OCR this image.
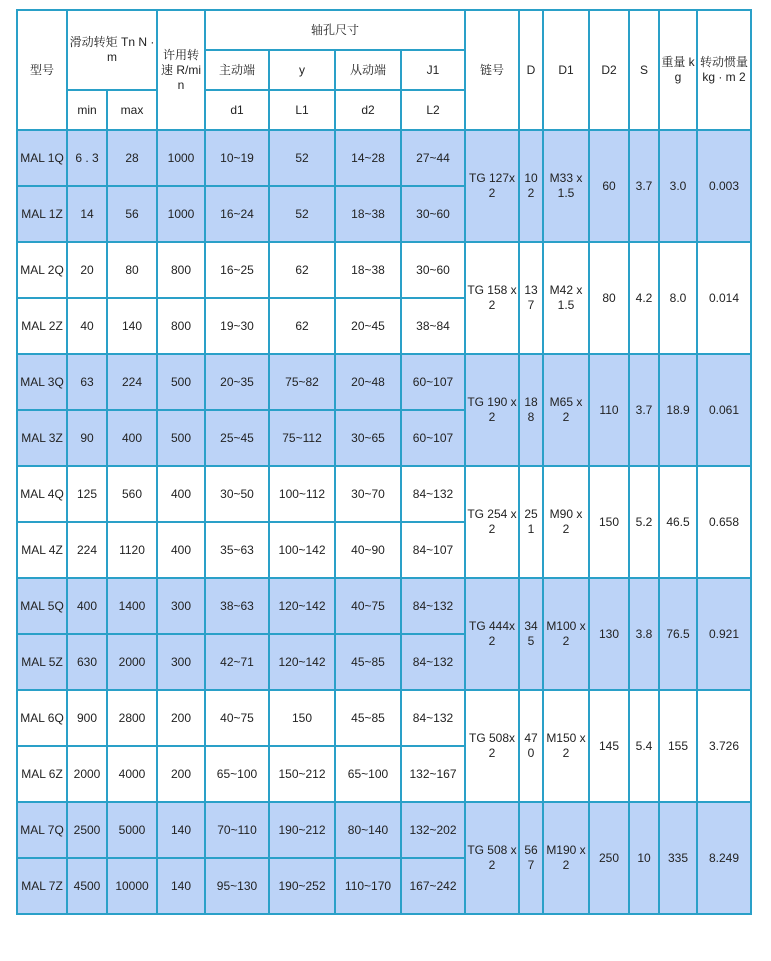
型号	滑动转矩 Tn N · m		许用转速 R/min	轴孔尺寸				链号	D	D1	D2	S	重量 kg	转动惯量 kg · m 2
				主动端	y	从动端	J1							
	min	max		d1	L1	d2	L2							
MAL 1Q	6 . 3	28	1000	10~19	52	14~28	27~44	TG 127x 2	102	M33 x 1.5	60	3.7	3.0	0.003
MAL 1Z	14	56	1000	16~24	52	18~38	30~60							
MAL 2Q	20	80	800	16~25	62	18~38	30~60	TG 158 x 2	137	M42 x 1.5	80	4.2	8.0	0.014
MAL 2Z	40	140	800	19~30	62	20~45	38~84							
MAL 3Q	63	224	500	20~35	75~82	20~48	60~107	TG 190 x 2	188	M65 x 2	110	3.7	18.9	0.061
MAL 3Z	90	400	500	25~45	75~112	30~65	60~107							
MAL 4Q	125	560	400	30~50	100~112	30~70	84~132	TG 254 x 2	251	M90 x 2	150	5.2	46.5	0.658
MAL 4Z	224	1120	400	35~63	100~142	40~90	84~107							
MAL 5Q	400	1400	300	38~63	120~142	40~75	84~132	TG 444x 2	345	M100 x 2	130	3.8	76.5	0.921
MAL 5Z	630	2000	300	42~71	120~142	45~85	84~132							
MAL 6Q	900	2800	200	40~75	150	45~85	84~132	TG 508x 2	470	M150 x 2	145	5.4	155	3.726
MAL 6Z	2000	4000	200	65~100	150~212	65~100	132~167							
MAL 7Q	2500	5000	140	70~110	190~212	80~140	132~202	TG 508 x 2	567	M190 x 2	250	10	335	8.249
MAL 7Z	4500	10000	140	95~130	190~252	110~170	167~242							
